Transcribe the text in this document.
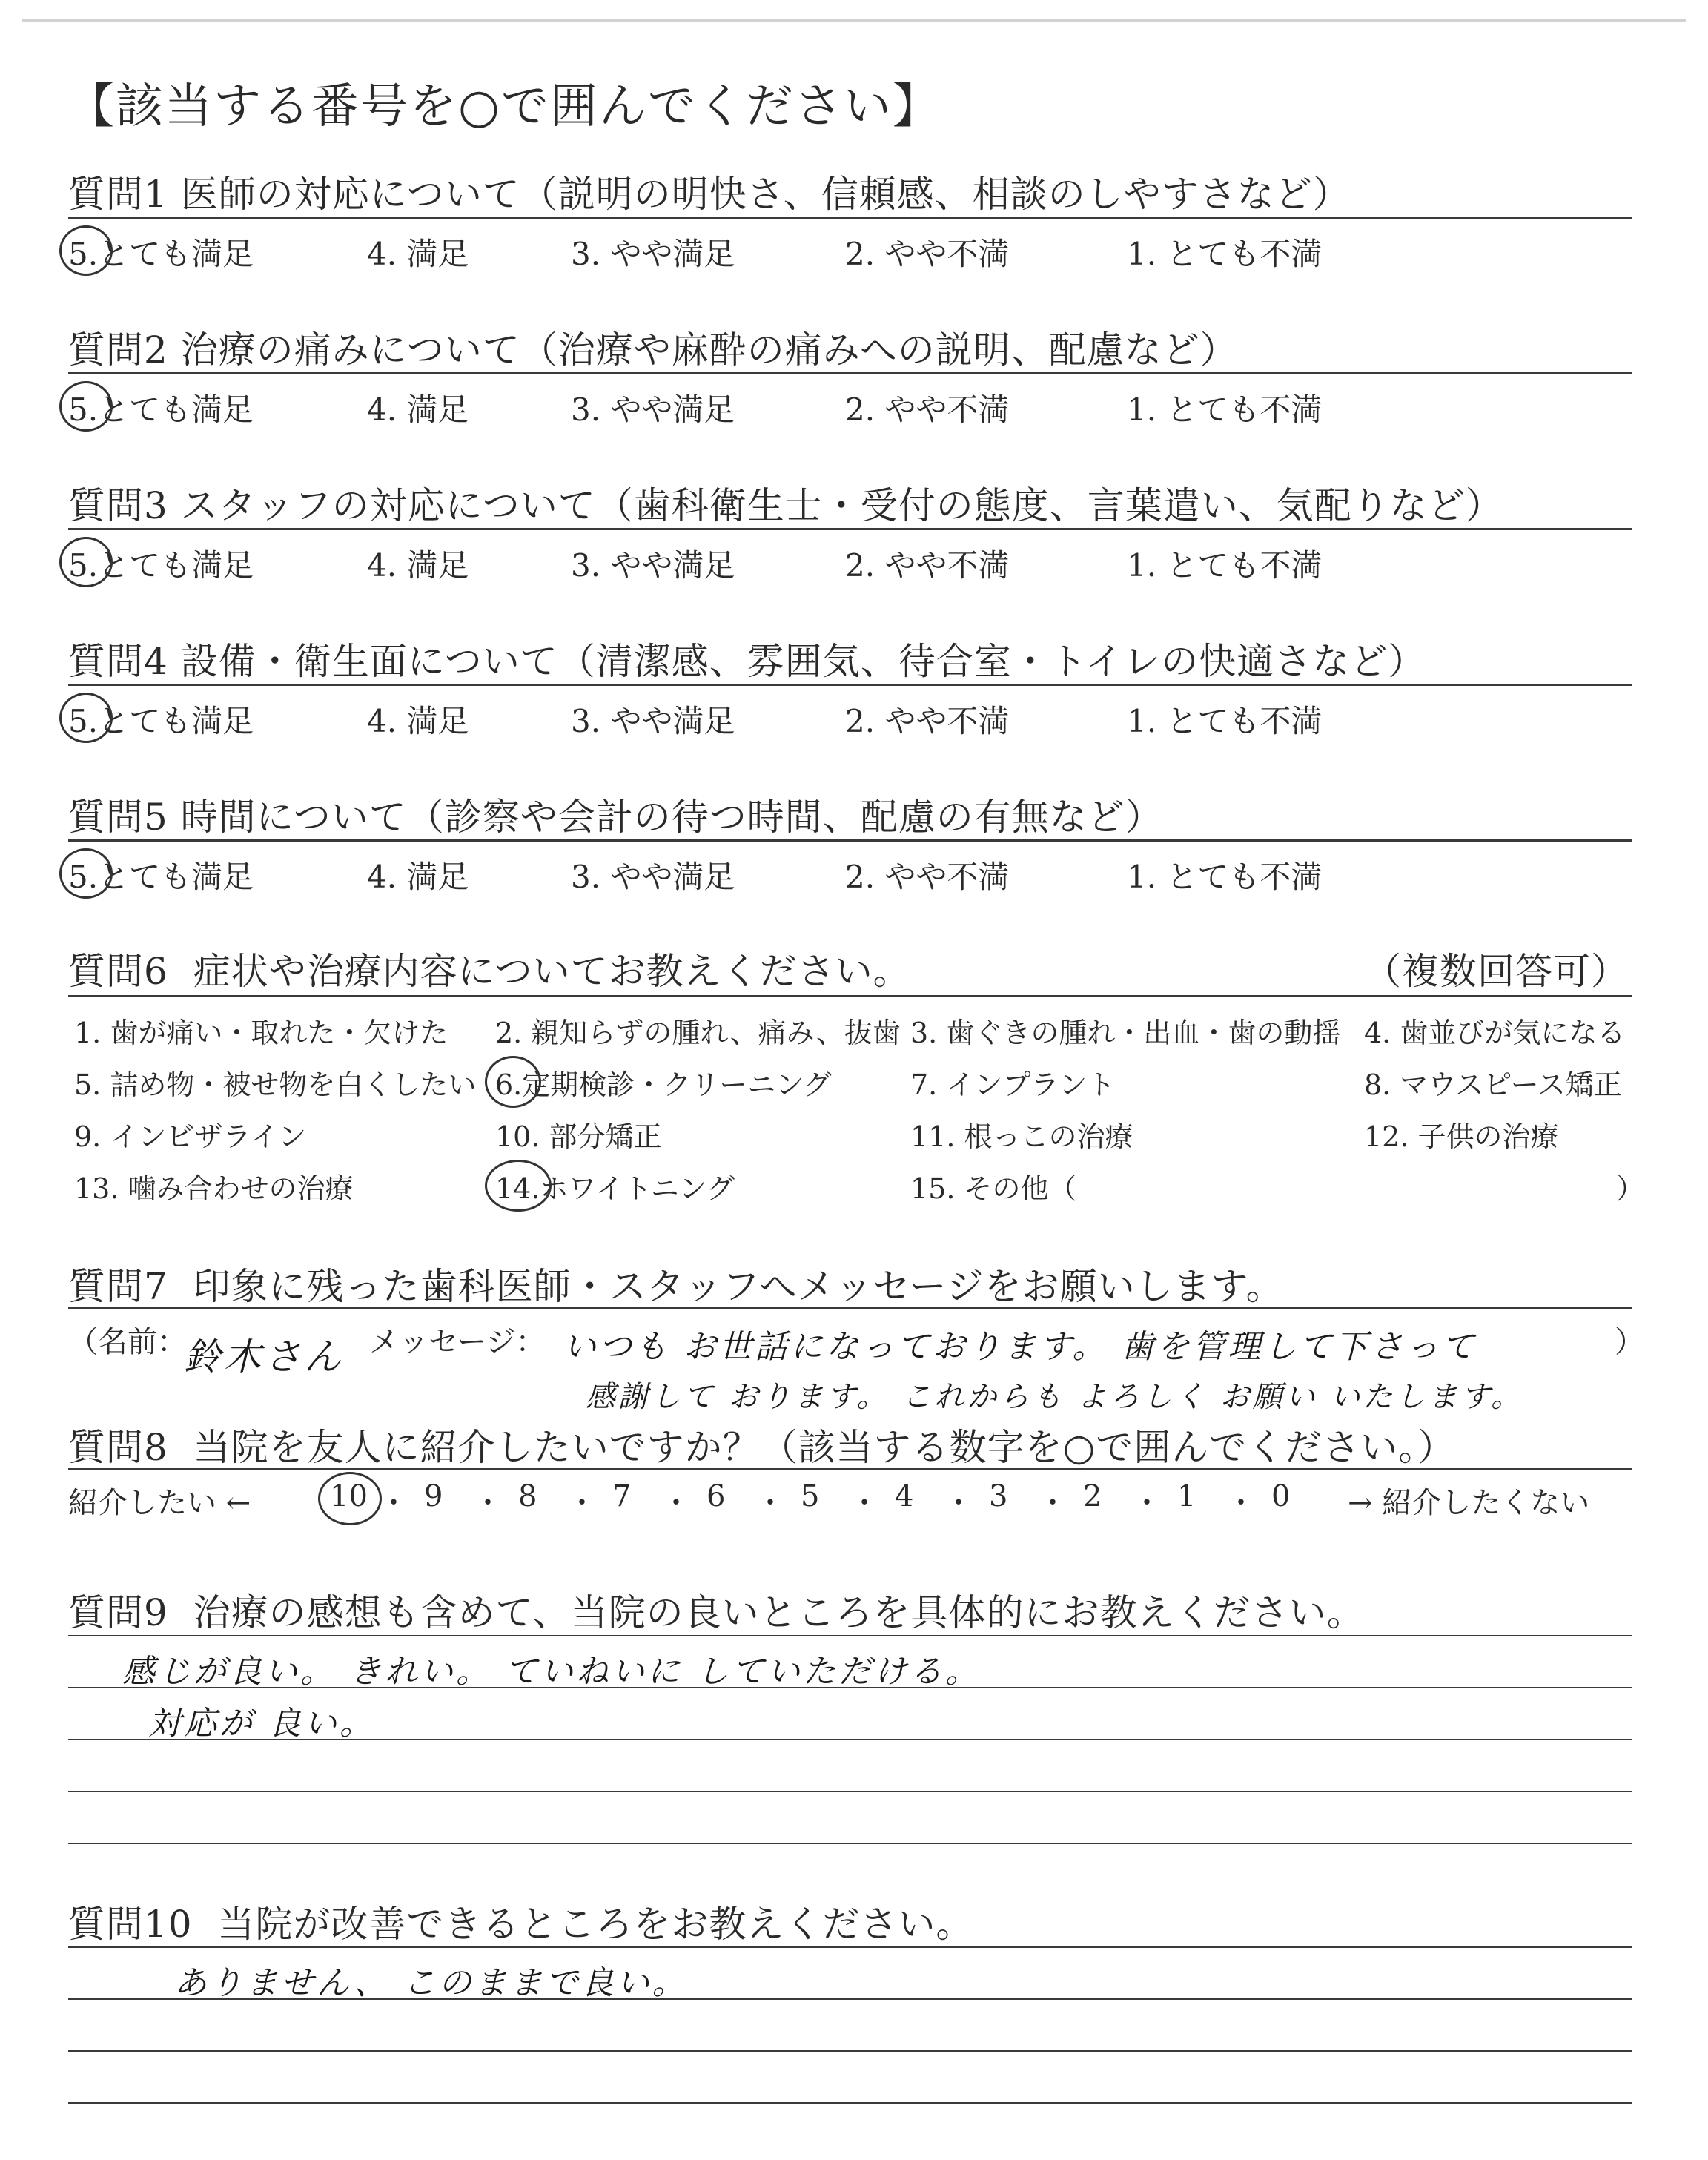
【該当する番号を○で囲んでください】
質問1 医師の対応について（説明の明快さ、信頼感、相談のしやすさなど）
5.とても満足	4. 満足	3. やや満足	2. やや不満	1. とても不満
質問2 治療の痛みについて（治療や麻酔の痛みへの説明、配慮など）
5.とても満足	4. 満足	3. やや満足	2. やや不満	1. とても不満
質問3 スタッフの対応について（歯科衛生士・受付の態度、言葉遣い、気配りなど）
5.とても満足	4. 満足	3. やや満足	2. やや不満	1. とても不満
質問4 設備・衛生面について（清潔感、雰囲気、待合室・トイレの快適さなど）
5.とても満足	4. 満足	3. やや満足	2. やや不満	1. とても不満
質問5 時間について（診察や会計の待つ時間、配慮の有無など）
5.とても満足	4. 満足	3. やや満足	2. やや不満	1. とても不満
質問6 症状や治療内容についてお教えください。	（複数回答可）
1. 歯が痛い・取れた・欠けた 2. 親知らずの腫れ、痛み、抜歯 3. 歯ぐきの腫れ・出血・歯の動揺 4. 歯並びが気になる
5. 詰め物・被せ物を白くしたい 6.定期検診・クリーニング	7. インプラント	8. マウスピース矯正
9. インビザライン	10. 部分矯正	11. 根っこの治療	12. 子供の治療
13. 噛み合わせの治療	14.ホワイトニング	15. その他（	）
質問7 印象に残った歯科医師・スタッフへメッセージをお願いします。
（名前：
鈴木さん メッセージ： いつも お世話になっております。 歯を管理して下さって	）
感謝して おります。 これからも よろしく お願い いたします。
質問8 当院を友人に紹介したいですか？（該当する数字を○で囲んでください。）
紹介したい ←	10 ・ 9 ・ 8 ・ 7 ・ 6 ・ 5 ・ 4 ・ 3 ・ 2 ・ 1 ・ 0 → 紹介したくない
質問9 治療の感想も含めて、当院の良いところを具体的にお教えください。
感じが良い。 きれい。 ていねいに していただける。
対応が 良い。
質問10 当院が改善できるところをお教えください。
ありません、 このままで良い。
